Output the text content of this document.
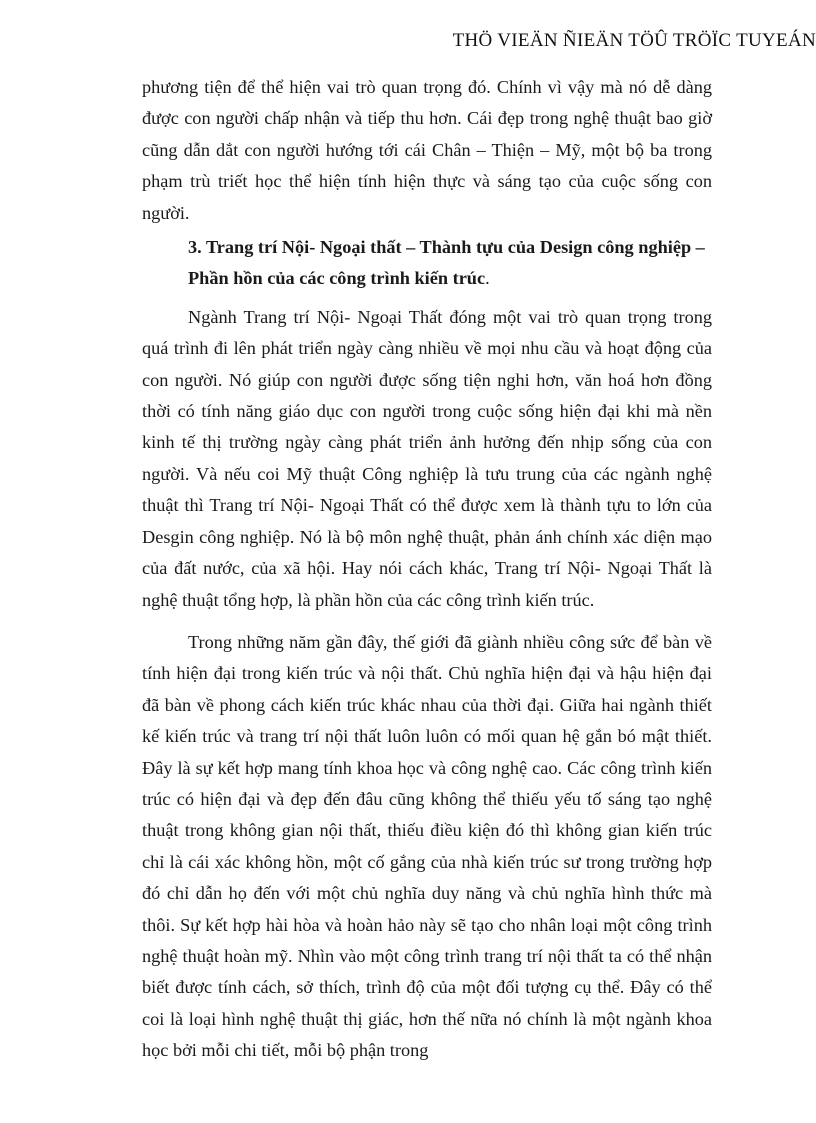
THÖ VIEÄN ÑIEÄN TÖÛ TRÖÏC TUYEÁN

phương tiện để thể hiện vai trò quan trọng đó. Chính vì vậy mà nó dễ dàng được con người chấp nhận và tiếp thu hơn. Cái đẹp trong nghệ thuật bao giờ cũng dẫn dắt con người hướng tới cái Chân – Thiện – Mỹ, một bộ ba trong phạm trù triết học thể hiện tính hiện thực và sáng tạo của cuộc sống con người.

3. Trang trí Nội- Ngoại thất – Thành tựu của Design công nghiệp – Phần hồn của các công trình kiến trúc.

Ngành Trang trí Nội- Ngoại Thất đóng một vai trò quan trọng trong quá trình đi lên phát triển ngày càng nhiều về mọi nhu cầu và hoạt động của con người. Nó giúp con người được sống tiện nghi hơn, văn hoá hơn đồng thời có tính năng giáo dục con người trong cuộc sống hiện đại khi mà nền kinh tế thị trường ngày càng phát triển ảnh hưởng đến nhịp sống của con người. Và nếu coi Mỹ thuật Công nghiệp là tưu trung của các ngành nghệ thuật thì Trang trí Nội- Ngoại Thất có thể được xem là thành tựu to lớn của Desgin công nghiệp. Nó là bộ môn nghệ thuật, phản ánh chính xác diện mạo của đất nước, của xã hội. Hay nói cách khác, Trang trí Nội- Ngoại Thất là nghệ thuật tổng hợp, là phần hồn của các công trình kiến trúc.

Trong những năm gần đây, thế giới đã giành nhiều công sức để bàn về tính hiện đại trong kiến trúc và nội thất. Chủ nghĩa hiện đại và hậu hiện đại đã bàn về phong cách kiến trúc khác nhau của thời đại. Giữa hai ngành thiết kế kiến trúc và trang trí nội thất luôn luôn có mối quan hệ gắn bó mật thiết. Đây là sự kết hợp mang tính khoa học và công nghệ cao. Các công trình kiến trúc có hiện đại và đẹp đến đâu cũng không thể thiếu yếu tố sáng tạo nghệ thuật trong không gian nội thất, thiếu điều kiện đó thì không gian kiến trúc chỉ là cái xác không hồn, một cố gắng của nhà kiến trúc sư trong trường hợp đó chỉ dẫn họ đến với một chủ nghĩa duy năng và chủ nghĩa hình thức mà thôi. Sự kết hợp hài hòa và hoàn hảo này sẽ tạo cho nhân loại một công trình nghệ thuật hoàn mỹ. Nhìn vào một công trình trang trí nội thất ta có thể nhận biết được tính cách, sở thích, trình độ của một đối tượng cụ thể. Đây có thể coi là loại hình nghệ thuật thị giác, hơn thế nữa nó chính là một ngành khoa học bởi mỗi chi tiết, mỗi bộ phận trong
